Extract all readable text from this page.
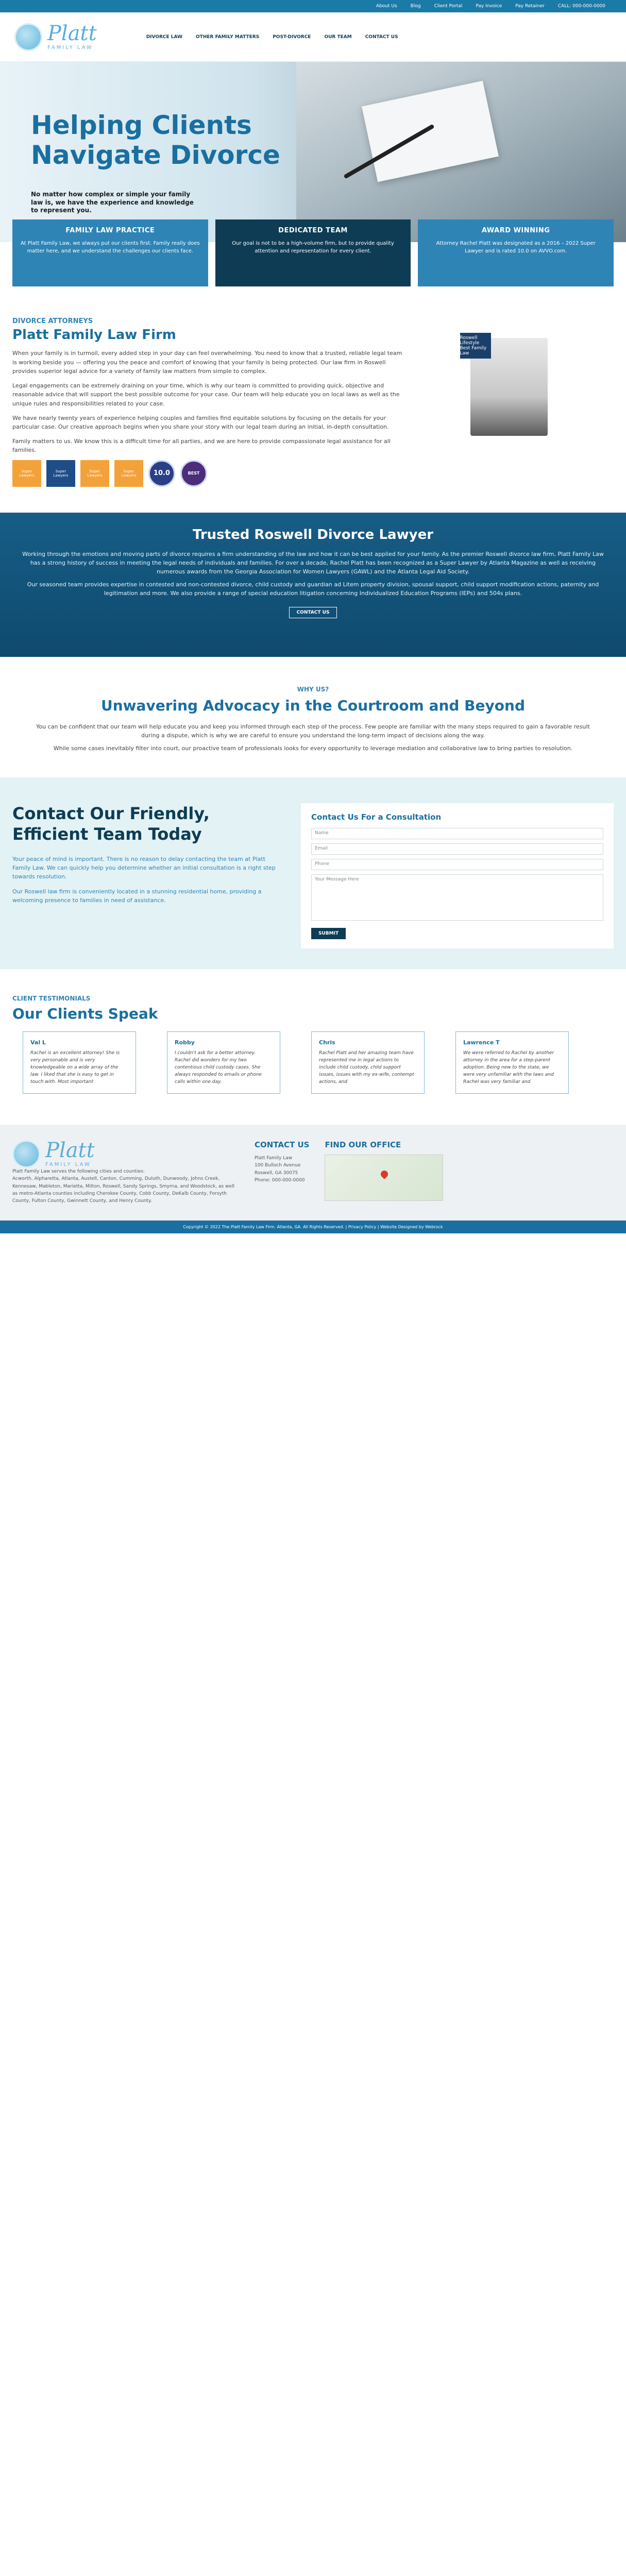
About Us	Blog	Client Portal	Pay Invoice	Pay Retainer	CALL: 000-000-0000
Platt
FAMILY LAW
DIVORCE LAW	OTHER FAMILY MATTERS	POST-DIVORCE	OUR TEAM	CONTACT US
Helping Clients
Navigate Divorce

No matter how complex or simple your family law is, we have the experience and knowledge to represent you.

FAMILY LAW PRACTICE

At Platt Family Law, we always put our clients first. Family really does matter here, and we understand the challenges our clients face.

DEDICATED TEAM

Our goal is not to be a high-volume firm, but to provide quality attention and representation for every client.

AWARD WINNING

Attorney Rachel Platt was designated as a 2016 – 2022 Super Lawyer and is rated 10.0 on AVVO.com.

DIVORCE ATTORNEYS
Platt Family Law Firm

When your family is in turmoil, every added step in your day can feel overwhelming. You need to know that a trusted, reliable legal team is working beside you — offering you the peace and comfort of knowing that your family is being protected. Our law firm in Roswell provides superior legal advice for a variety of family law matters from simple to complex.

Legal engagements can be extremely draining on your time, which is why our team is committed to providing quick, objective and reasonable advice that will support the best possible outcome for your case. Our team will help educate you on local laws as well as the unique rules and responsibilities related to your case.

We have nearly twenty years of experience helping couples and families find equitable solutions by focusing on the details for your particular case. Our creative approach begins when you share your story with our legal team during an initial, in-depth consultation.

Family matters to us. We know this is a difficult time for all parties, and we are here to provide compassionate legal assistance for all families.

Super Lawyers
Super Lawyers
Super Lawyers
Super Lawyers	10.0	BEST
Roswell Lifestyle Best Family Law
Trusted Roswell Divorce Lawyer

Working through the emotions and moving parts of divorce requires a firm understanding of the law and how it can be best applied for your family. As the premier Roswell divorce law firm, Platt Family Law has a strong history of success in meeting the legal needs of individuals and families. For over a decade, Rachel Platt has been recognized as a Super Lawyer by Atlanta Magazine as well as receiving numerous awards from the Georgia Association for Women Lawyers (GAWL) and the Atlanta Legal Aid Society.

Our seasoned team provides expertise in contested and non-contested divorce, child custody and guardian ad Litem property division, spousal support, child support modification actions, paternity and legitimation and more. We also provide a range of special education litigation concerning Individualized Education Programs (IEPs) and 504s plans.

CONTACT US
WHY US?
Unwavering Advocacy in the Courtroom and Beyond

You can be confident that our team will help educate you and keep you informed through each step of the process. Few people are familiar with the many steps required to gain a favorable result during a dispute, which is why we are careful to ensure you understand the long-term impact of decisions along the way.

While some cases inevitably filter into court, our proactive team of professionals looks for every opportunity to leverage mediation and collaborative law to bring parties to resolution.

Contact Our Friendly, Efficient Team Today

Your peace of mind is important. There is no reason to delay contacting the team at Platt Family Law. We can quickly help you determine whether an initial consultation is a right step towards resolution.

Our Roswell law firm is conveniently located in a stunning residential home, providing a welcoming presence to families in need of assistance.

Contact Us For a Consultation
Name
Email
Phone
Your Message Here
SUBMIT
CLIENT TESTIMONIALS
Our Clients Speak
Val L
Rachel is an excellent attorney! She is very personable and is very knowledgeable on a wide array of the law. I liked that she is easy to get in touch with. Most important
Robby
I couldn't ask for a better attorney. Rachel did wonders for my two contentious child custody cases. She always responded to emails or phone calls within one day.
Chris
Rachel Platt and her amazing team have represented me in legal actions to include child custody, child support issues, issues with my ex-wife, contempt actions, and
Lawrence T
We were referred to Rachel by another attorney in the area for a step-parent adoption. Being new to the state, we were very unfamiliar with the laws and Rachel was very familiar and
Platt
FAMILY LAW

Platt Family Law serves the following cities and counties:

Acworth, Alpharetta, Atlanta, Austell, Canton, Cumming, Duluth, Dunwoody, Johns Creek, Kennesaw, Mableton, Marietta, Milton, Roswell, Sandy Springs, Smyrna, and Woodstock, as well as metro-Atlanta counties including Cherokee County, Cobb County, DeKalb County, Forsyth County, Fulton County, Gwinnett County, and Henry County.

CONTACT US
Platt Family Law
100 Bulloch Avenue
Roswell, GA 30075
Phone: 000-000-0000
FIND OUR OFFICE
Copyright © 2022 The Platt Family Law Firm. Atlanta, GA. All Rights Reserved. | Privacy Policy | Website Designed by Webrock
